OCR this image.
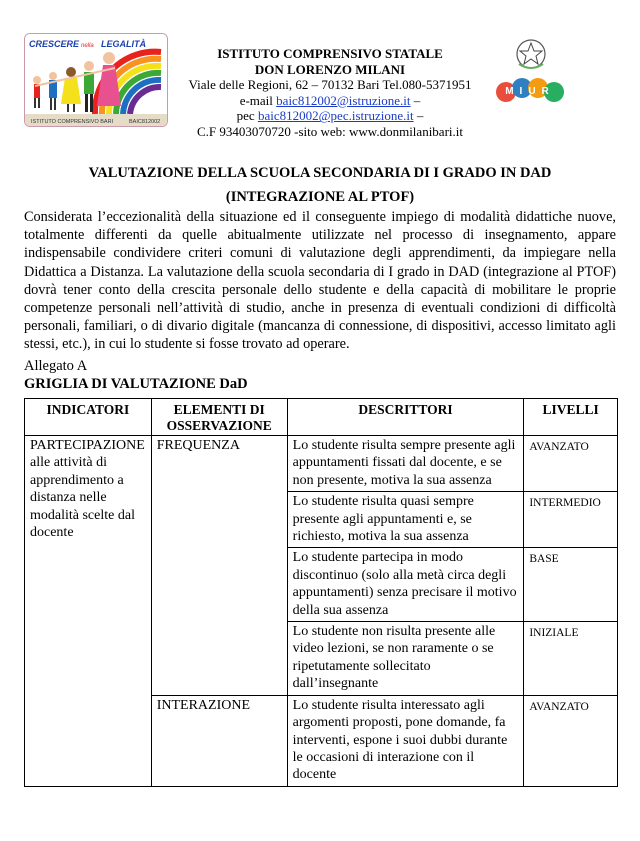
CRESCERE nella LEGALITÀ
ISTITUTO COMPRENSIVO BARI	BAIC812002
ISTITUTO COMPRENSIVO STATALE
DON LORENZO MILANI
Viale delle Regioni, 62 – 70132 Bari Tel.080-5371951
e-mail baic812002@istruzione.it –
pec baic812002@pec.istruzione.it –
C.F 93403070720 -sito web: www.donmilanibari.it
MIUR
VALUTAZIONE DELLA SCUOLA SECONDARIA DI I GRADO IN DAD
(INTEGRAZIONE AL PTOF)
Considerata l’eccezionalità della situazione ed il conseguente impiego di modalità didattiche nuove, totalmente differenti da quelle abitualmente utilizzate nel processo di insegnamento, appare indispensabile condividere criteri comuni di valutazione degli apprendimenti, da impiegare nella Didattica a Distanza. La valutazione della scuola secondaria di I grado in DAD (integrazione al PTOF) dovrà tener conto della crescita personale dello studente e della capacità di mobilitare le proprie competenze personali nell’attività di studio, anche in presenza di eventuali condizioni di difficoltà personali, familiari, o di divario digitale (mancanza di connessione, di dispositivi, accesso limitato agli stessi, etc.), in cui lo studente si fosse trovato ad operare.
Allegato A
GRIGLIA DI VALUTAZIONE DaD
INDICATORI	ELEMENTI DI OSSERVAZIONE	DESCRITTORI	LIVELLI
PARTECIPAZIONE alle attività di apprendimento a distanza nelle modalità scelte dal docente	FREQUENZA	Lo studente risulta sempre presente agli appuntamenti fissati dal docente, e se non presente, motiva la sua assenza	AVANZATO
		Lo studente risulta quasi sempre presente agli appuntamenti e, se richiesto, motiva la sua assenza	INTERMEDIO
		Lo studente partecipa in modo discontinuo (solo alla metà circa degli appuntamenti) senza precisare il motivo della sua assenza	BASE
		Lo studente non risulta presente alle video lezioni, se non raramente o se ripetutamente sollecitato dall’insegnante	INIZIALE
	INTERAZIONE	Lo studente risulta interessato agli argomenti proposti, pone domande, fa interventi, espone i suoi dubbi durante le occasioni di interazione con il docente	AVANZATO
